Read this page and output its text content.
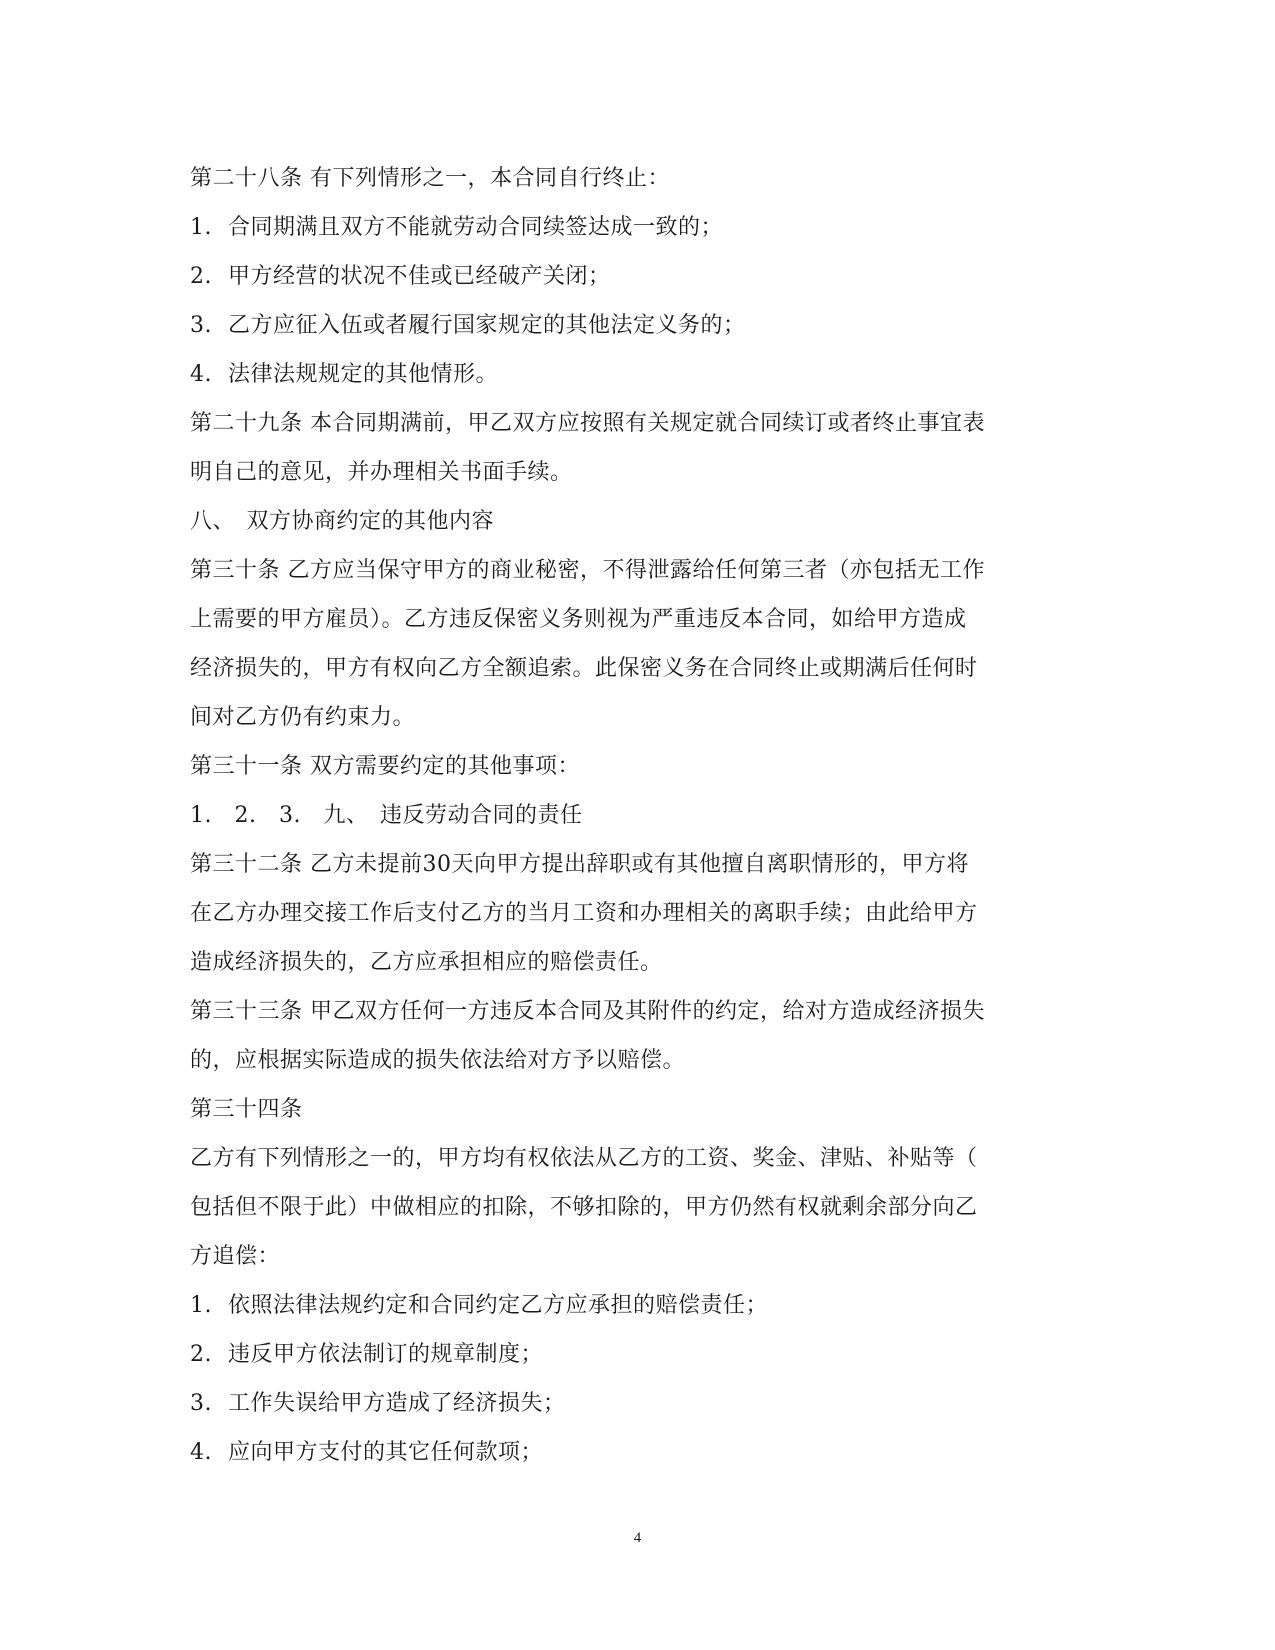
第二十八条 有下列情形之一，本合同自行终止：
1. 合同期满且双方不能就劳动合同续签达成一致的；
2. 甲方经营的状况不佳或已经破产关闭；
3. 乙方应征入伍或者履行国家规定的其他法定义务的；
4. 法律法规规定的其他情形。
第二十九条 本合同期满前，甲乙双方应按照有关规定就合同续订或者终止事宜表
明自己的意见，并办理相关书面手续。
八、　双方协商约定的其他内容
第三十条 乙方应当保守甲方的商业秘密，不得泄露给任何第三者（亦包括无工作
上需要的甲方雇员）。乙方违反保密义务则视为严重违反本合同，如给甲方造成
经济损失的，甲方有权向乙方全额追索。此保密义务在合同终止或期满后任何时
间对乙方仍有约束力。
第三十一条 双方需要约定的其他事项：
1.　2.　3.　九、　违反劳动合同的责任
第三十二条 乙方未提前30天向甲方提出辞职或有其他擅自离职情形的，甲方将
在乙方办理交接工作后支付乙方的当月工资和办理相关的离职手续；由此给甲方
造成经济损失的，乙方应承担相应的赔偿责任。
第三十三条 甲乙双方任何一方违反本合同及其附件的约定，给对方造成经济损失
的，应根据实际造成的损失依法给对方予以赔偿。
第三十四条
乙方有下列情形之一的，甲方均有权依法从乙方的工资、奖金、津贴、补贴等（
包括但不限于此）中做相应的扣除，不够扣除的，甲方仍然有权就剩余部分向乙
方追偿：
1. 依照法律法规约定和合同约定乙方应承担的赔偿责任；
2. 违反甲方依法制订的规章制度；
3. 工作失误给甲方造成了经济损失；
4. 应向甲方支付的其它任何款项；
4
